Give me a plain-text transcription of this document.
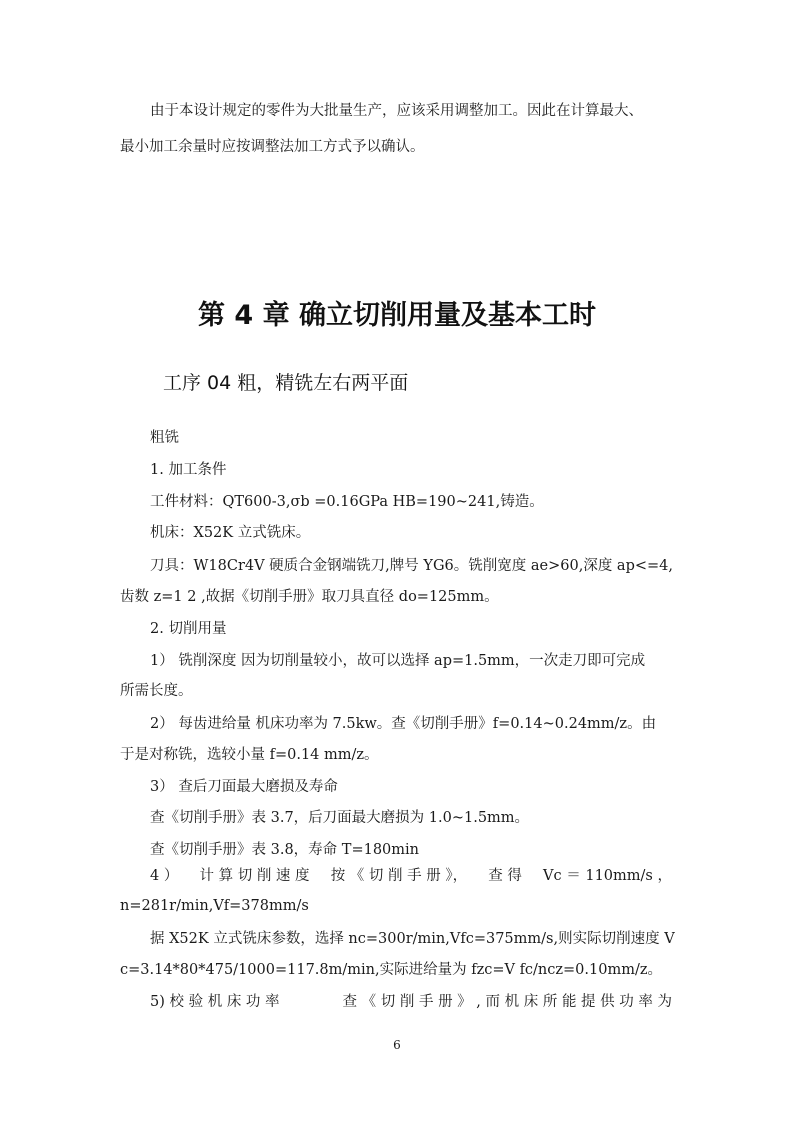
由于本设计规定的零件为大批量生产，应该采用调整加工。因此在计算最大、

最小加工余量时应按调整法加工方式予以确认。

第 4 章 确立切削用量及基本工时
工序 04 粗，精铣左右两平面

粗铣

1. 加工条件

工件材料：QT600-3,σb =0.16GPa HB=190~241,铸造。

机床：X52K 立式铣床。

刀具：W18Cr4V 硬质合金钢端铣刀,牌号 YG6。铣削宽度 ae>60,深度 ap<=4,

齿数 z=1 2 ,故据《切削手册》取刀具直径 do=125mm。

2. 切削用量

1） 铣削深度 因为切削量较小，故可以选择 ap=1.5mm，一次走刀即可完成

所需长度。

2） 每齿进给量 机床功率为 7.5kw。查《切削手册》f=0.14~0.24mm/z。由

于是对称铣，选较小量 f=0.14 mm/z。

3） 查后刀面最大磨损及寿命

查《切削手册》表 3.7，后刀面最大磨损为 1.0~1.5mm。

查《切削手册》表 3.8，寿命 T=180min

4 ） 计 算 切 削 速 度 按 《 切 削 手 册 》， 查 得 Vc ＝ 110mm/s ，

n=281r/min,Vf=378mm/s

据 X52K 立式铣床参数，选择 nc=300r/min,Vfc=375mm/s,则实际切削速度 V

c=3.14*80*475/1000=117.8m/min,实际进给量为 fzc=V fc/ncz=0.10mm/z。

5) 校 验 机 床 功 率	查 《 切 削 手 册 》 , 而 机 床 所 能 提 供 功 率 为
6
